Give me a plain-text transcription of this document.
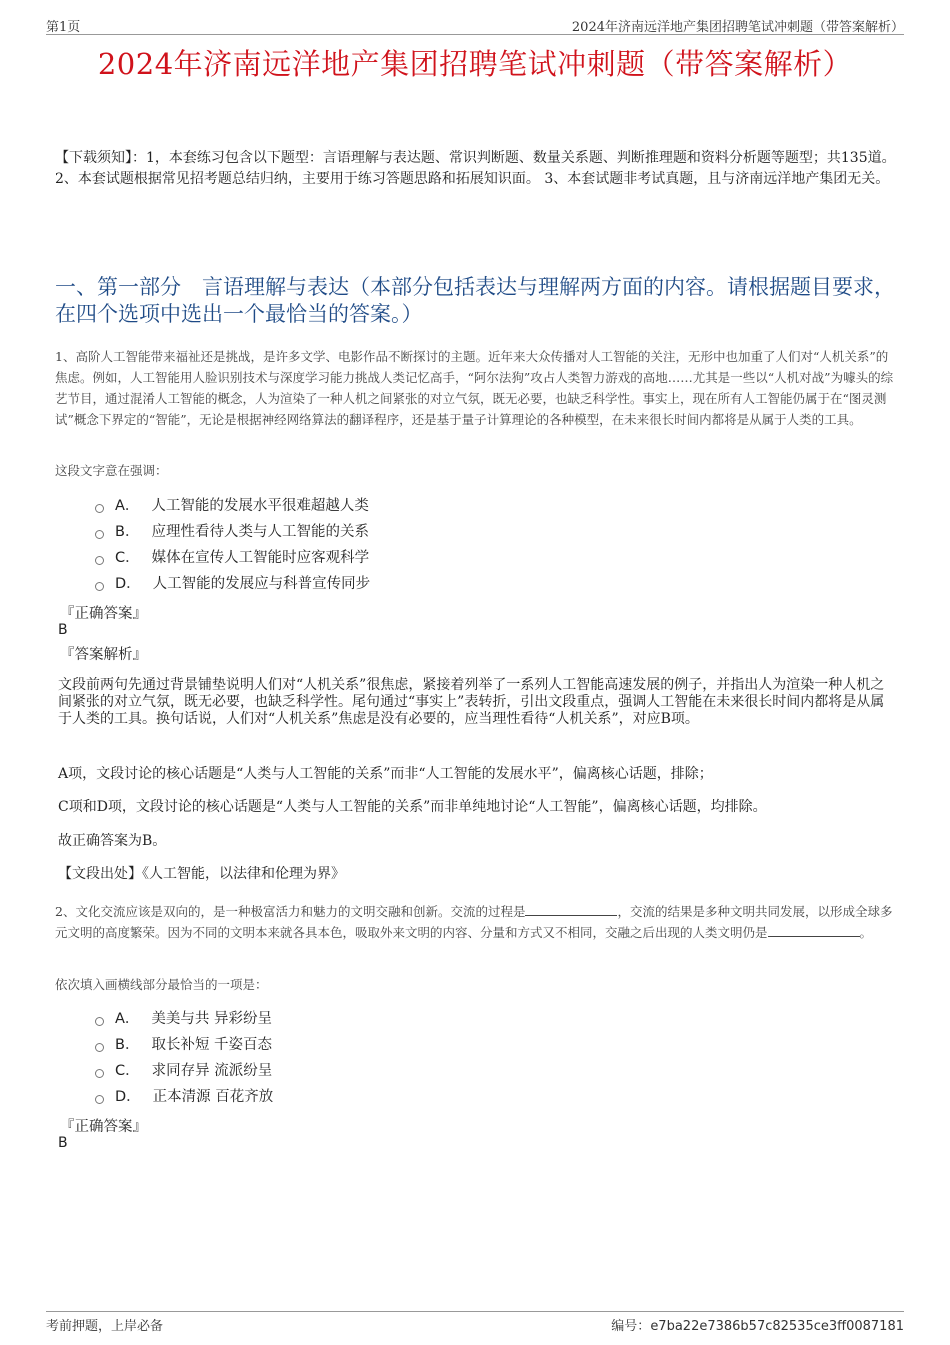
第1页	2024年济南远洋地产集团招聘笔试冲刺题（带答案解析）
2024年济南远洋地产集团招聘笔试冲刺题（带答案解析）
【下载须知】：1，本套练习包含以下题型：言语理解与表达题、常识判断题、数量关系题、判断推理题和资料分析题等题型；共135道。 2、本套试题根据常见招考题总结归纳，主要用于练习答题思路和拓展知识面。 3、本套试题非考试真题，且与济南远洋地产集团无关。
一、第一部分　言语理解与表达（本部分包括表达与理解两方面的内容。请根据题目要求，在四个选项中选出一个最恰当的答案。）
1、高阶人工智能带来福祉还是挑战，是许多文学、电影作品不断探讨的主题。近年来大众传播对人工智能的关注，无形中也加重了人们对“人机关系”的焦虑。例如，人工智能用人脸识别技术与深度学习能力挑战人类记忆高手，“阿尔法狗”攻占人类智力游戏的高地……尤其是一些以“人机对战”为噱头的综艺节目，通过混淆人工智能的概念，人为渲染了一种人机之间紧张的对立气氛，既无必要，也缺乏科学性。事实上，现在所有人工智能仍属于在“图灵测试”概念下界定的“智能”，无论是根据神经网络算法的翻译程序，还是基于量子计算理论的各种模型，在未来很长时间内都将是从属于人类的工具。
这段文字意在强调：
A． 人工智能的发展水平很难超越人类
B． 应理性看待人类与人工智能的关系
C． 媒体在宣传人工智能时应客观科学
D． 人工智能的发展应与科普宣传同步
『正确答案』
B
『答案解析』
文段前两句先通过背景铺垫说明人们对“人机关系”很焦虑，紧接着列举了一系列人工智能高速发展的例子，并指出人为渲染一种人机之间紧张的对立气氛，既无必要，也缺乏科学性。尾句通过“事实上”表转折，引出文段重点，强调人工智能在未来很长时间内都将是从属于人类的工具。换句话说，人们对“人机关系”焦虑是没有必要的，应当理性看待“人机关系”，对应B项。
A项，文段讨论的核心话题是“人类与人工智能的关系”而非“人工智能的发展水平”，偏离核心话题，排除；
C项和D项，文段讨论的核心话题是“人类与人工智能的关系”而非单纯地讨论“人工智能”，偏离核心话题，均排除。
故正确答案为B。
【文段出处】《人工智能，以法律和伦理为界》
2、文化交流应该是双向的，是一种极富活力和魅力的文明交融和创新。交流的过程是	，交流的结果是多种文明共同发展，以形成全球多元文明的高度繁荣。因为不同的文明本来就各具本色，吸取外来文明的内容、分量和方式又不相同，交融之后出现的人类文明仍是	。
依次填入画横线部分最恰当的一项是：
A． 美美与共 异彩纷呈
B． 取长补短 千姿百态
C． 求同存异 流派纷呈
D． 正本清源 百花齐放
『正确答案』
B
考前押题，上岸必备	编号：e7ba22e7386b57c82535ce3ff0087181
